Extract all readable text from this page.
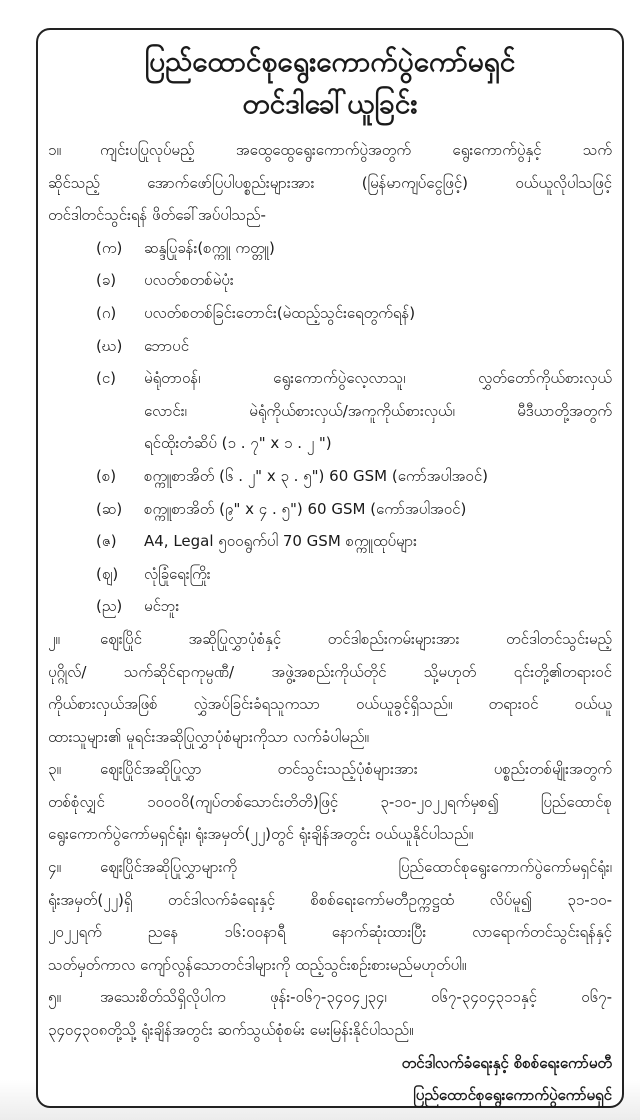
ပြည်ထောင်စုရွေးကောက်ပွဲကော်မရှင်
တင်ဒါခေါ်ယူခြင်း
၁။	ကျင်းပပြုလုပ်မည့် အထွေထွေရွေးကောက်ပွဲအတွက် ရွေးကောက်ပွဲနှင့် သက်
ဆိုင်သည့် အောက်ဖော်ပြပါပစ္စည်းများအား (မြန်မာကျပ်ငွေဖြင့်) ဝယ်ယူလိုပါသဖြင့်
တင်ဒါတင်သွင်းရန် ဖိတ်ခေါ်အပ်ပါသည်-
(က)	ဆန္ဒပြုခန်း(စက္ကူ ကတ္တူ)
(ခ)	ပလတ်စတစ်မဲပုံး
(ဂ)	ပလတ်စတစ်ခြင်းတောင်း(မဲထည့်သွင်းရေတွက်ရန်)
(ဃ)	ဘောပင်
(င)	မဲရုံတာဝန်၊ ရွေးကောက်ပွဲလေ့လာသူ၊ လွှတ်တော်ကိုယ်စားလှယ်
လောင်း၊ မဲရုံကိုယ်စားလှယ်/အကူကိုယ်စားလှယ်၊ မီဒီယာတို့အတွက်
ရင်ထိုးတံဆိပ် (၁ . ၇" x ၁ . ၂ ")
(စ)	စက္ကူစာအိတ် (၆ . ၂" x ၃ . ၅") 60 GSM (ကော်အပါအဝင်)
(ဆ)	စက္ကူစာအိတ် (၉" x ၄ . ၅") 60 GSM (ကော်အပါအဝင်)
(ဇ)	A4, Legal ၅၀၀ရွက်ပါ 70 GSM စက္ကူထုပ်များ
(ဈ)	လုံခြုံရေးကြိုး
(ည)	မင်ဘူး
၂။	ဈေးပြိုင် အဆိုပြုလွှာပုံစံနှင့် တင်ဒါစည်းကမ်းများအား တင်ဒါတင်သွင်းမည့်
ပုဂ္ဂိုလ်/ သက်ဆိုင်ရာကုမ္ပဏီ/ အဖွဲ့အစည်းကိုယ်တိုင် သို့မဟုတ် ၎င်းတို့၏တရားဝင်
ကိုယ်စားလှယ်အဖြစ် လွှဲအပ်ခြင်းခံရသူကသာ ဝယ်ယူခွင့်ရှိသည်။ တရားဝင် ဝယ်ယူ
ထားသူများ၏ မူရင်းအဆိုပြုလွှာပုံစံများကိုသာ လက်ခံပါမည်။
၃။	ဈေးပြိုင်အဆိုပြုလွှာ တင်သွင်းသည့်ပုံစံများအား ပစ္စည်းတစ်မျိုးအတွက်
တစ်စုံလျှင် ၁၀၀၀၀ိ(ကျပ်တစ်သောင်းတိတိ)ဖြင့် ၃-၁၀-၂၀၂၂ရက်မှစ၍ ပြည်ထောင်စု
ရွေးကောက်ပွဲကော်မရှင်ရုံး၊ ရုံးအမှတ်(၂၂)တွင် ရုံးချိန်အတွင်း ဝယ်ယူနိုင်ပါသည်။
၄။	ဈေးပြိုင်အဆိုပြုလွှာများကို ပြည်ထောင်စုရွေးကောက်ပွဲကော်မရှင်ရုံး၊
ရုံးအမှတ်(၂၂)ရှိ တင်ဒါလက်ခံရေးနှင့် စိစစ်ရေးကော်မတီဥက္ကဋ္ဌထံ လိပ်မူ၍ ၃၁-၁၀-
၂၀၂၂ရက် ညနေ ၁၆:၀၀နာရီ နောက်ဆုံးထားပြီး လာရောက်တင်သွင်းရန်နှင့်
သတ်မှတ်ကာလ ကျော်လွန်သောတင်ဒါများကို ထည့်သွင်းစဉ်းစားမည်မဟုတ်ပါ။
၅။	အသေးစိတ်သိရှိလိုပါက ဖုန်း-၀၆၇-၃၄၀၄၂၃၄၊ ၀၆၇-၃၄၀၄၃၁၁နှင့် ၀၆၇-
၃၄၀၄၃၀၈တို့သို့ ရုံးချိန်အတွင်း ဆက်သွယ်စုံစမ်း မေးမြန်းနိုင်ပါသည်။
တင်ဒါလက်ခံရေးနှင့် စိစစ်ရေးကော်မတီ
ပြည်ထောင်စုရွေးကောက်ပွဲကော်မရှင်
